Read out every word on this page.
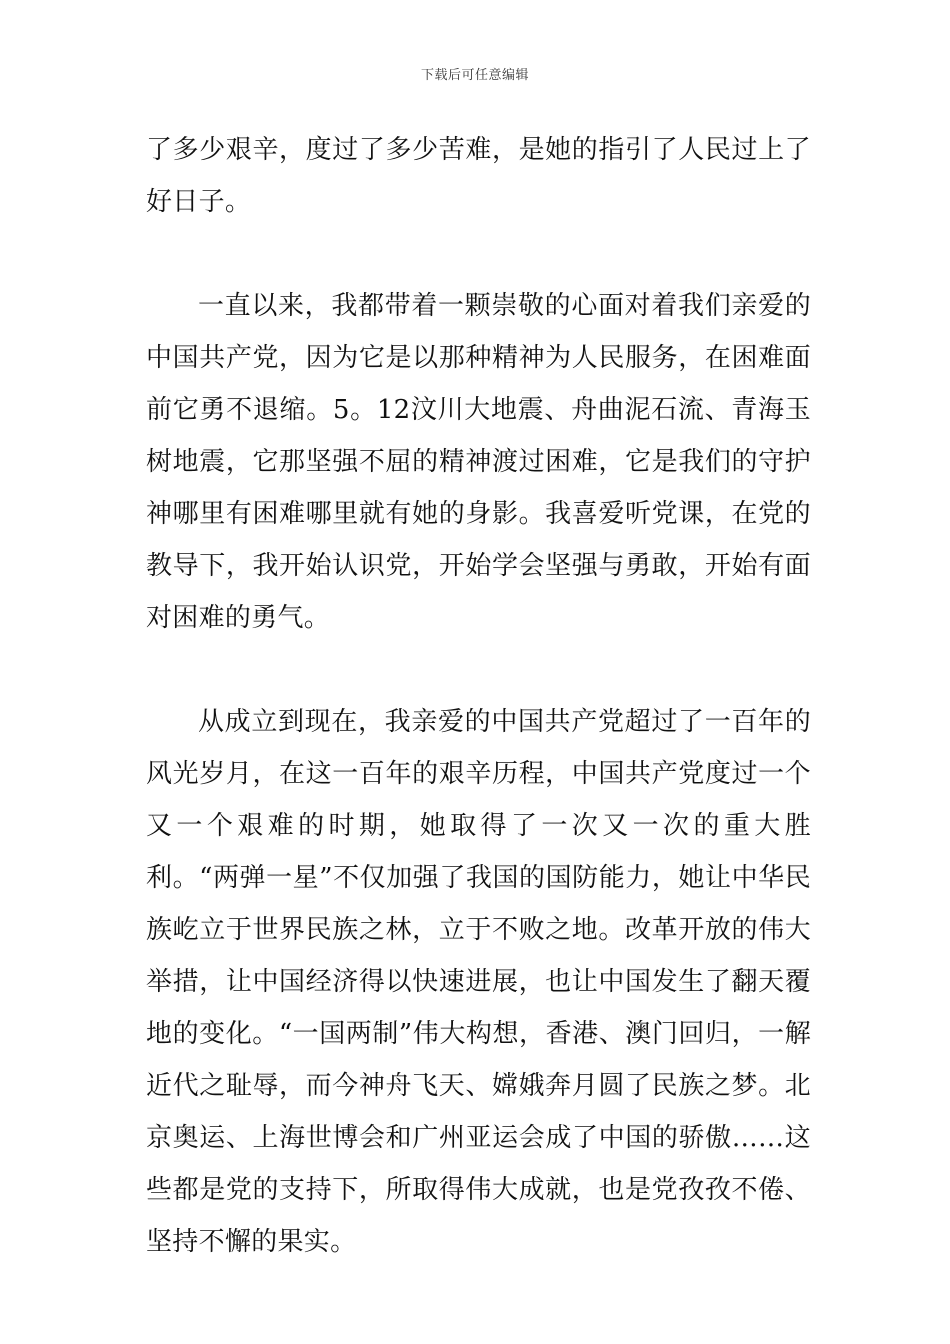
下载后可任意编辑

了多少艰辛，度过了多少苦难，是她的指引了人民过上了好日子。

一直以来，我都带着一颗崇敬的心面对着我们亲爱的中国共产党，因为它是以那种精神为人民服务，在困难面前它勇不退缩。5。12汶川大地震、舟曲泥石流、青海玉树地震，它那坚强不屈的精神渡过困难，它是我们的守护神哪里有困难哪里就有她的身影。我喜爱听党课，在党的教导下，我开始认识党，开始学会坚强与勇敢，开始有面对困难的勇气。

从成立到现在，我亲爱的中国共产党超过了一百年的风光岁月，在这一百年的艰辛历程，中国共产党度过一个又一个艰难的时期，她取得了一次又一次的重大胜利。“两弹一星”不仅加强了我国的国防能力，她让中华民族屹立于世界民族之林，立于不败之地。改革开放的伟大举措，让中国经济得以快速进展，也让中国发生了翻天覆地的变化。“一国两制”伟大构想，香港、澳门回归，一解近代之耻辱，而今神舟飞天、嫦娥奔月圆了民族之梦。北京奥运、上海世博会和广州亚运会成了中国的骄傲……这些都是党的支持下，所取得伟大成就，也是党孜孜不倦、坚持不懈的果实。
